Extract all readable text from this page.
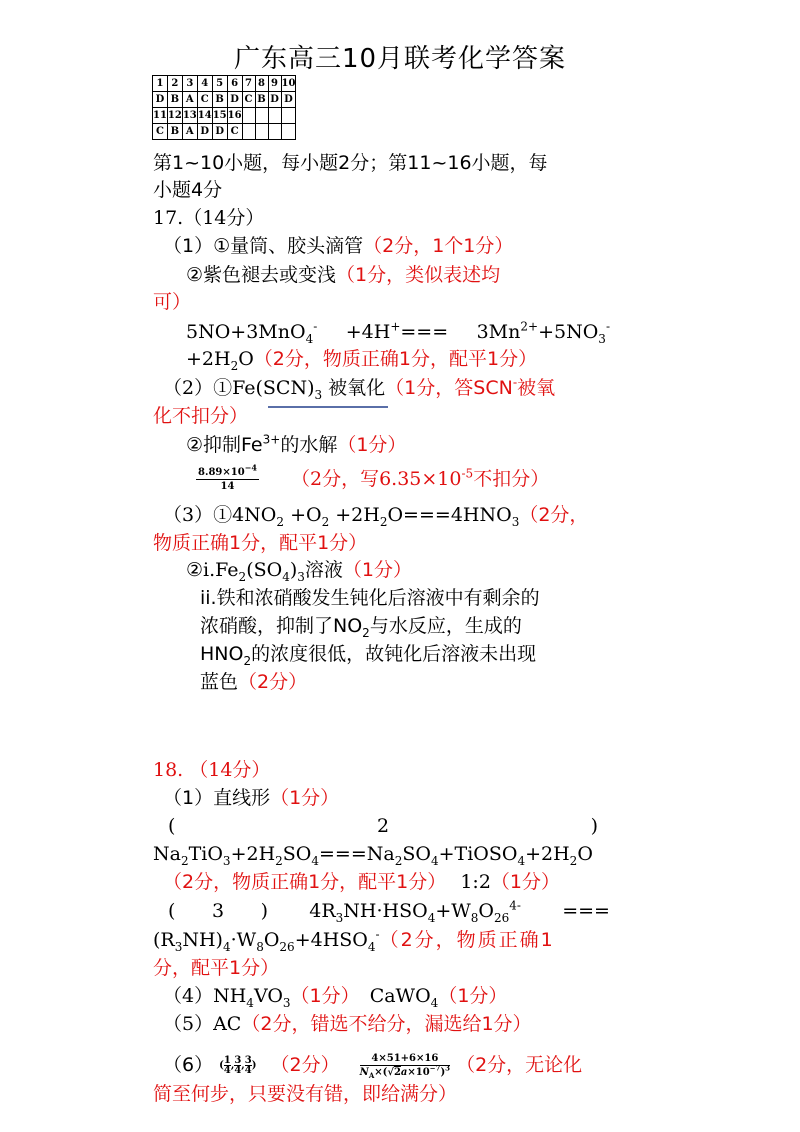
广东高三10月联考化学答案
1	2	3	4	5	6	7	8	9	10
D	B	A	C	B	D	C	B	D	D
11	12	13	14	15	16				
C	B	A	D	D	C				
第1~10小题，每小题2分；第11~16小题，每
小题4分
17.（14分）
（1）①量筒、胶头滴管（2分，1个1分）
②紫色褪去或变浅（1分，类似表述均
可）
$5NO+3MnO_4^- +4H^+=== 3Mn^{2+}+5NO_3^-$
$+2H_2O(2$分，物质正确1分，配平1分）
$(2)①Fe(SCN)_3$ 被氧化（1分，答SCN-被氧
化不扣分）
②抑制$Fe^{3+}$的水解（1分）
$\frac{8.89\times 10^{-4}}{14} (2$分，写$6.35\times 10^{-5}$不扣分）
$(3)①4NO_2 +O_2 +2H_2O===4HNO_3(2$分，
物质正确1分，配平1分）
$②i.Fe_2(SO_4)_3$溶液（1分）
ii.铁和浓硝酸发生钝化后溶液中有剩余的
浓硝酸，抑制了$NO_2$与水反应，生成的
$HNO_2$的浓度很低，故钝化后溶液未出现
蓝色（2分）
18. （14分）
（1）直线形（1分）
(	2	)
$Na_2TiO_3+2H_2SO_4===Na_2SO_4+TiOSO_4+2H_2O$
（2分，物质正确1分，配平1分） 1:2（1分）
( 3 ) $4R_3NH\cdot HSO_4+W_8O_{26}^{4-}$ ===
$(R_3NH)_4\cdot W_8O_{26}+4HSO_4^-(2$分，物质正确1
分，配平1分）
$(4)NH_4VO_3(1$分） CaWO$_4$（1分）
（5）AC（2分，错选不给分，漏选给1分）
（6） ( $\frac{1}{4}$ , $\frac{3}{4}$ , $\frac{3}{4}$ ) （2分） $\frac{4\times 51+6\times 16}{N_A\times(√2a\times 10^{-7})^3} (2$分，无论化
简至何步，只要没有错，即给满分）
